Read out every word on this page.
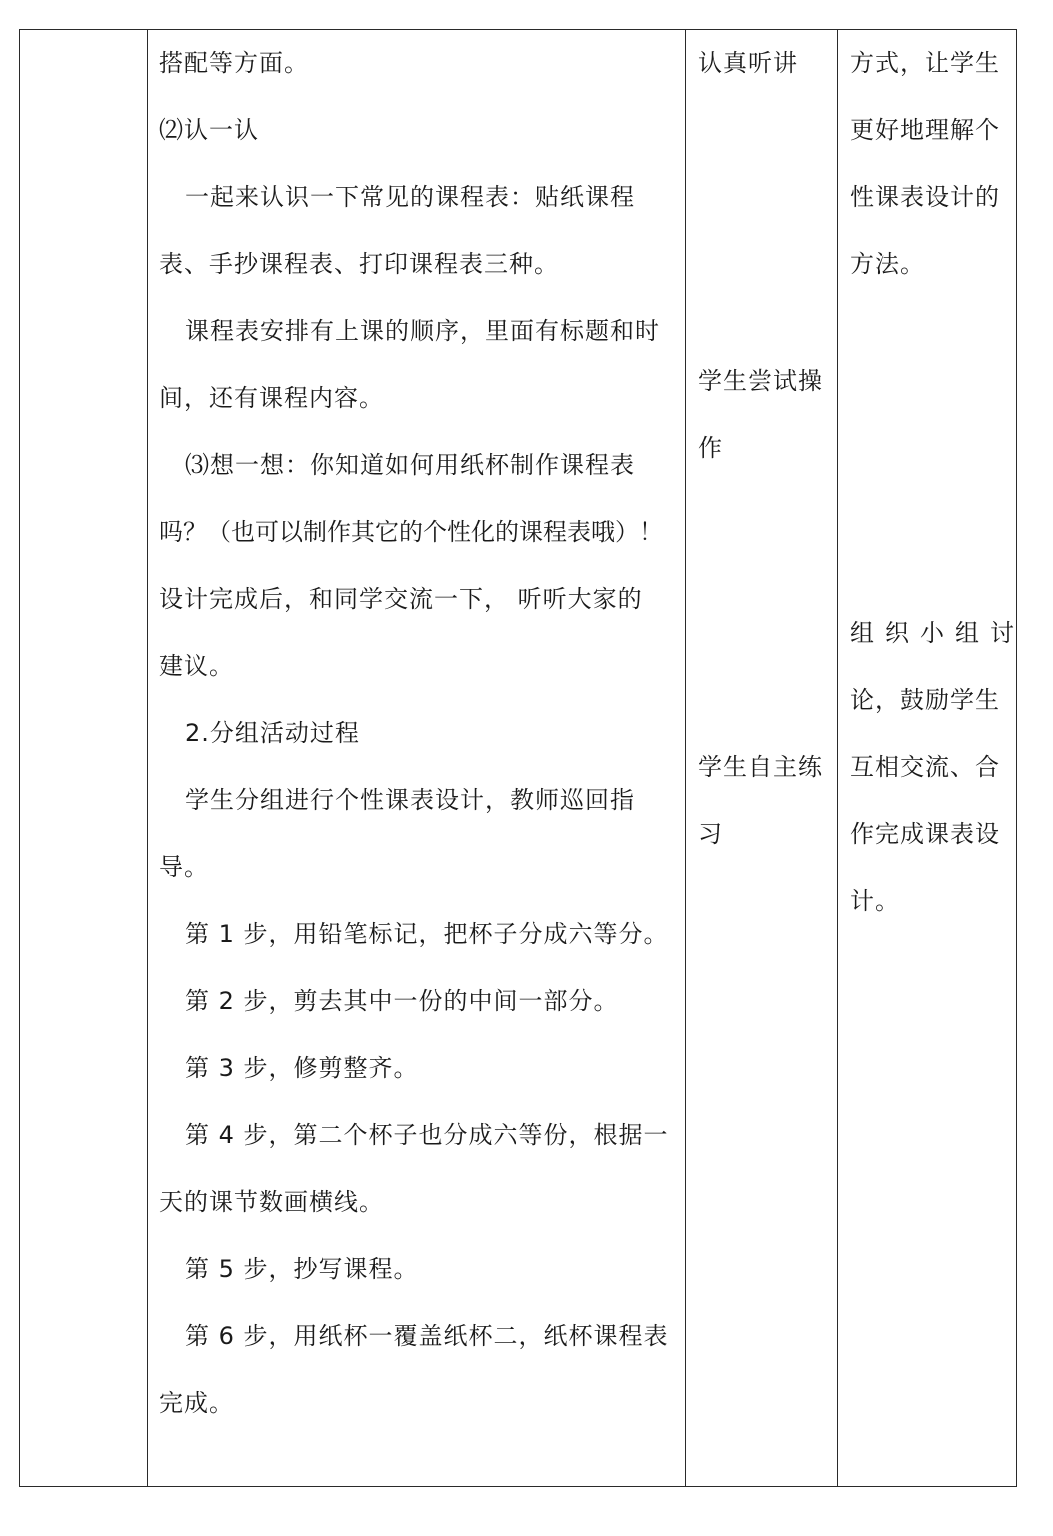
搭配等方面。
⑵认一认
一起来认识一下常见的课程表：贴纸课程
表、手抄课程表、打印课程表三种。
课程表安排有上课的顺序，里面有标题和时
间，还有课程内容。
⑶想一想：你知道如何用纸杯制作课程表
吗？（也可以制作其它的个性化的课程表哦）！
设计完成后，和同学交流一下， 听听大家的
建议。
2.分组活动过程
学生分组进行个性课表设计，教师巡回指
导。
第 1 步，用铅笔标记，把杯子分成六等分。
第 2 步，剪去其中一份的中间一部分。
第 3 步，修剪整齐。
第 4 步，第二个杯子也分成六等份，根据一
天的课节数画横线。
第 5 步，抄写课程。
第 6 步，用纸杯一覆盖纸杯二，纸杯课程表
完成。
认真听讲
学生尝试操
作
学生自主练
习
方式，让学生
更好地理解个
性课表设计的
方法。
组织小组讨
论，鼓励学生
互相交流、合
作完成课表设
计。
